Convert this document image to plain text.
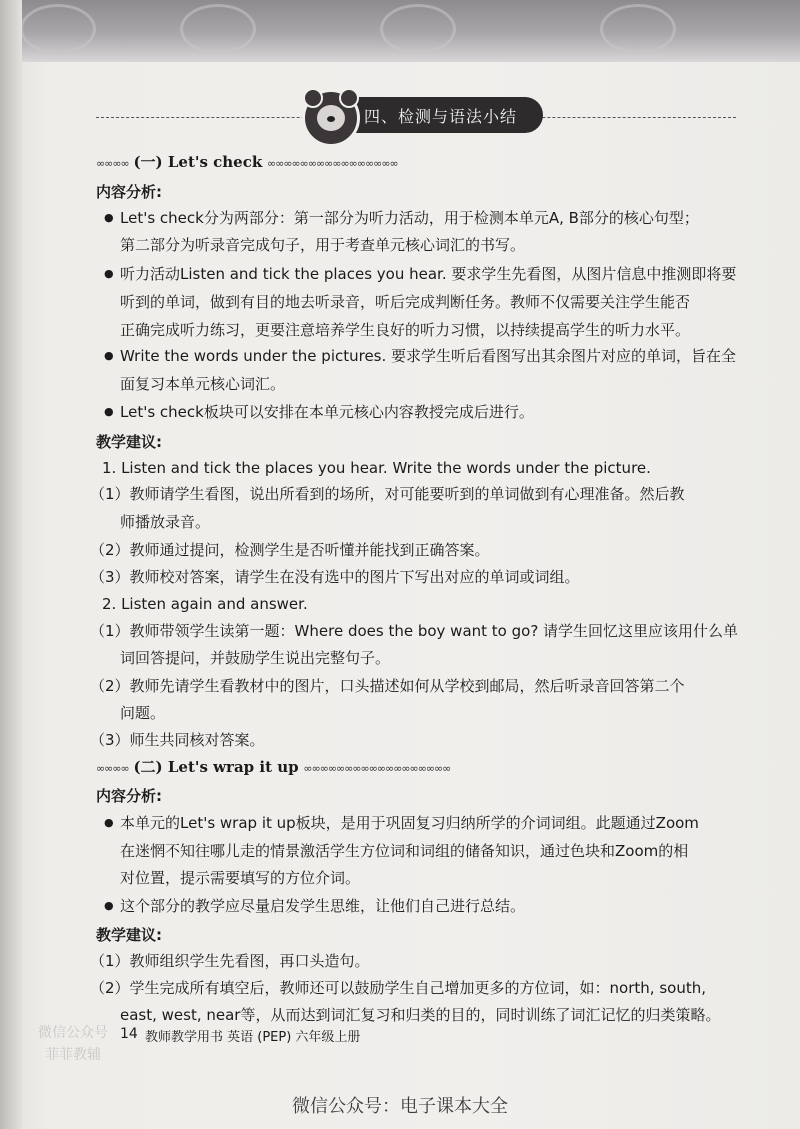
四、检测与语法小结
∞∞∞∞ (一) Let's check ∞∞∞∞∞∞∞∞∞∞∞∞∞∞∞∞
内容分析:
● Let's check分为两部分：第一部分为听力活动，用于检测本单元A, B部分的核心句型；
第二部分为听录音完成句子，用于考查单元核心词汇的书写。
● 听力活动Listen and tick the places you hear. 要求学生先看图，从图片信息中推测即将要
听到的单词，做到有目的地去听录音，听后完成判断任务。教师不仅需要关注学生能否
正确完成听力练习，更要注意培养学生良好的听力习惯，以持续提高学生的听力水平。
● Write the words under the pictures. 要求学生听后看图写出其余图片对应的单词，旨在全
面复习本单元核心词汇。
● Let's check板块可以安排在本单元核心内容教授完成后进行。
教学建议:
1. Listen and tick the places you hear. Write the words under the picture.
（1）教师请学生看图，说出所看到的场所，对可能要听到的单词做到有心理准备。然后教
师播放录音。
（2）教师通过提问，检测学生是否听懂并能找到正确答案。
（3）教师校对答案，请学生在没有选中的图片下写出对应的单词或词组。
2. Listen again and answer.
（1）教师带领学生读第一题：Where does the boy want to go? 请学生回忆这里应该用什么单
词回答提问，并鼓励学生说出完整句子。
（2）教师先请学生看教材中的图片，口头描述如何从学校到邮局，然后听录音回答第二个
问题。
（3）师生共同核对答案。
∞∞∞∞ (二) Let's wrap it up ∞∞∞∞∞∞∞∞∞∞∞∞∞∞∞∞∞∞
内容分析:
● 本单元的Let's wrap it up板块，是用于巩固复习归纳所学的介词词组。此题通过Zoom
在迷惘不知往哪儿走的情景激活学生方位词和词组的储备知识，通过色块和Zoom的相
对位置，提示需要填写的方位介词。
● 这个部分的教学应尽量启发学生思维，让他们自己进行总结。
教学建议:
（1）教师组织学生先看图，再口头造句。
（2）学生完成所有填空后，教师还可以鼓励学生自己增加更多的方位词，如：north, south,
east, west, near等，从而达到词汇复习和归类的目的，同时训练了词汇记忆的归类策略。
微信公众号
菲菲教辅
14 教师教学用书 英语 (PEP) 六年级上册
微信公众号：电子课本大全
